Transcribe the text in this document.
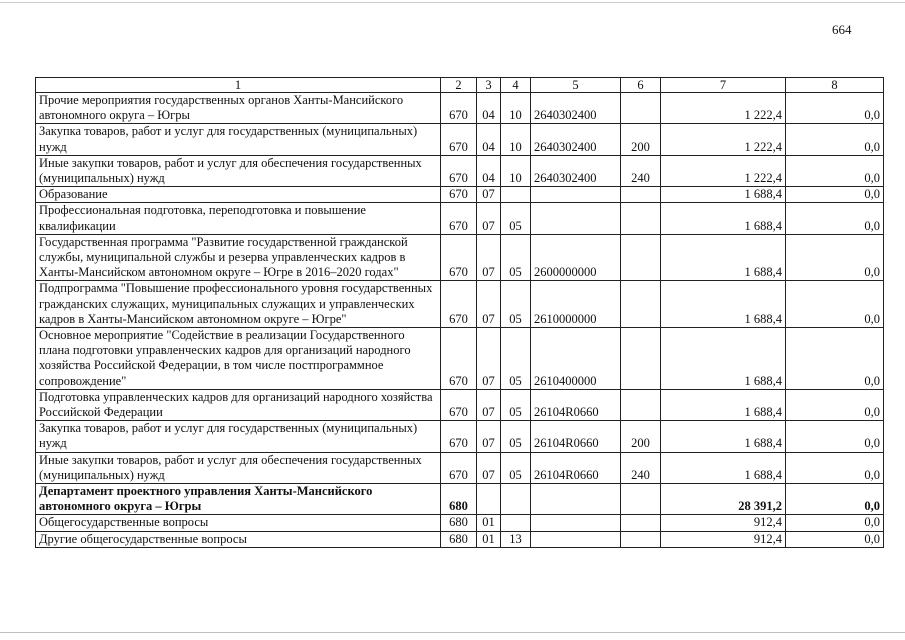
664
1	2	3	4	5	6	7	8
Прочие мероприятия государственных органов Ханты-Мансийского автономного округа – Югры	670	04	10	2640302400		1 222,4	0,0
Закупка товаров, работ и услуг для государственных (муниципальных) нужд	670	04	10	2640302400	200	1 222,4	0,0
Иные закупки товаров, работ и услуг для обеспечения государственных (муниципальных) нужд	670	04	10	2640302400	240	1 222,4	0,0
Образование	670	07				1 688,4	0,0
Профессиональная подготовка, переподготовка и повышение квалификации	670	07	05			1 688,4	0,0
Государственная программа "Развитие государственной гражданской службы, муниципальной службы и резерва управленческих кадров в Ханты-Мансийском автономном округе – Югре в 2016–2020 годах"	670	07	05	2600000000		1 688,4	0,0
Подпрограмма "Повышение профессионального уровня государственных гражданских служащих, муниципальных служащих и управленческих кадров в Ханты-Мансийском автономном округе – Югре"	670	07	05	2610000000		1 688,4	0,0
Основное мероприятие "Содействие в реализации Государственного плана подготовки управленческих кадров для организаций народного хозяйства Российской Федерации, в том числе постпрограммное сопровождение"	670	07	05	2610400000		1 688,4	0,0
Подготовка управленческих кадров для организаций народного хозяйства Российской Федерации	670	07	05	26104R0660		1 688,4	0,0
Закупка товаров, работ и услуг для государственных (муниципальных) нужд	670	07	05	26104R0660	200	1 688,4	0,0
Иные закупки товаров, работ и услуг для обеспечения государственных (муниципальных) нужд	670	07	05	26104R0660	240	1 688,4	0,0
Департамент проектного управления Ханты-Мансийского автономного округа – Югры	680					28 391,2	0,0
Общегосударственные вопросы	680	01				912,4	0,0
Другие общегосударственные вопросы	680	01	13			912,4	0,0
